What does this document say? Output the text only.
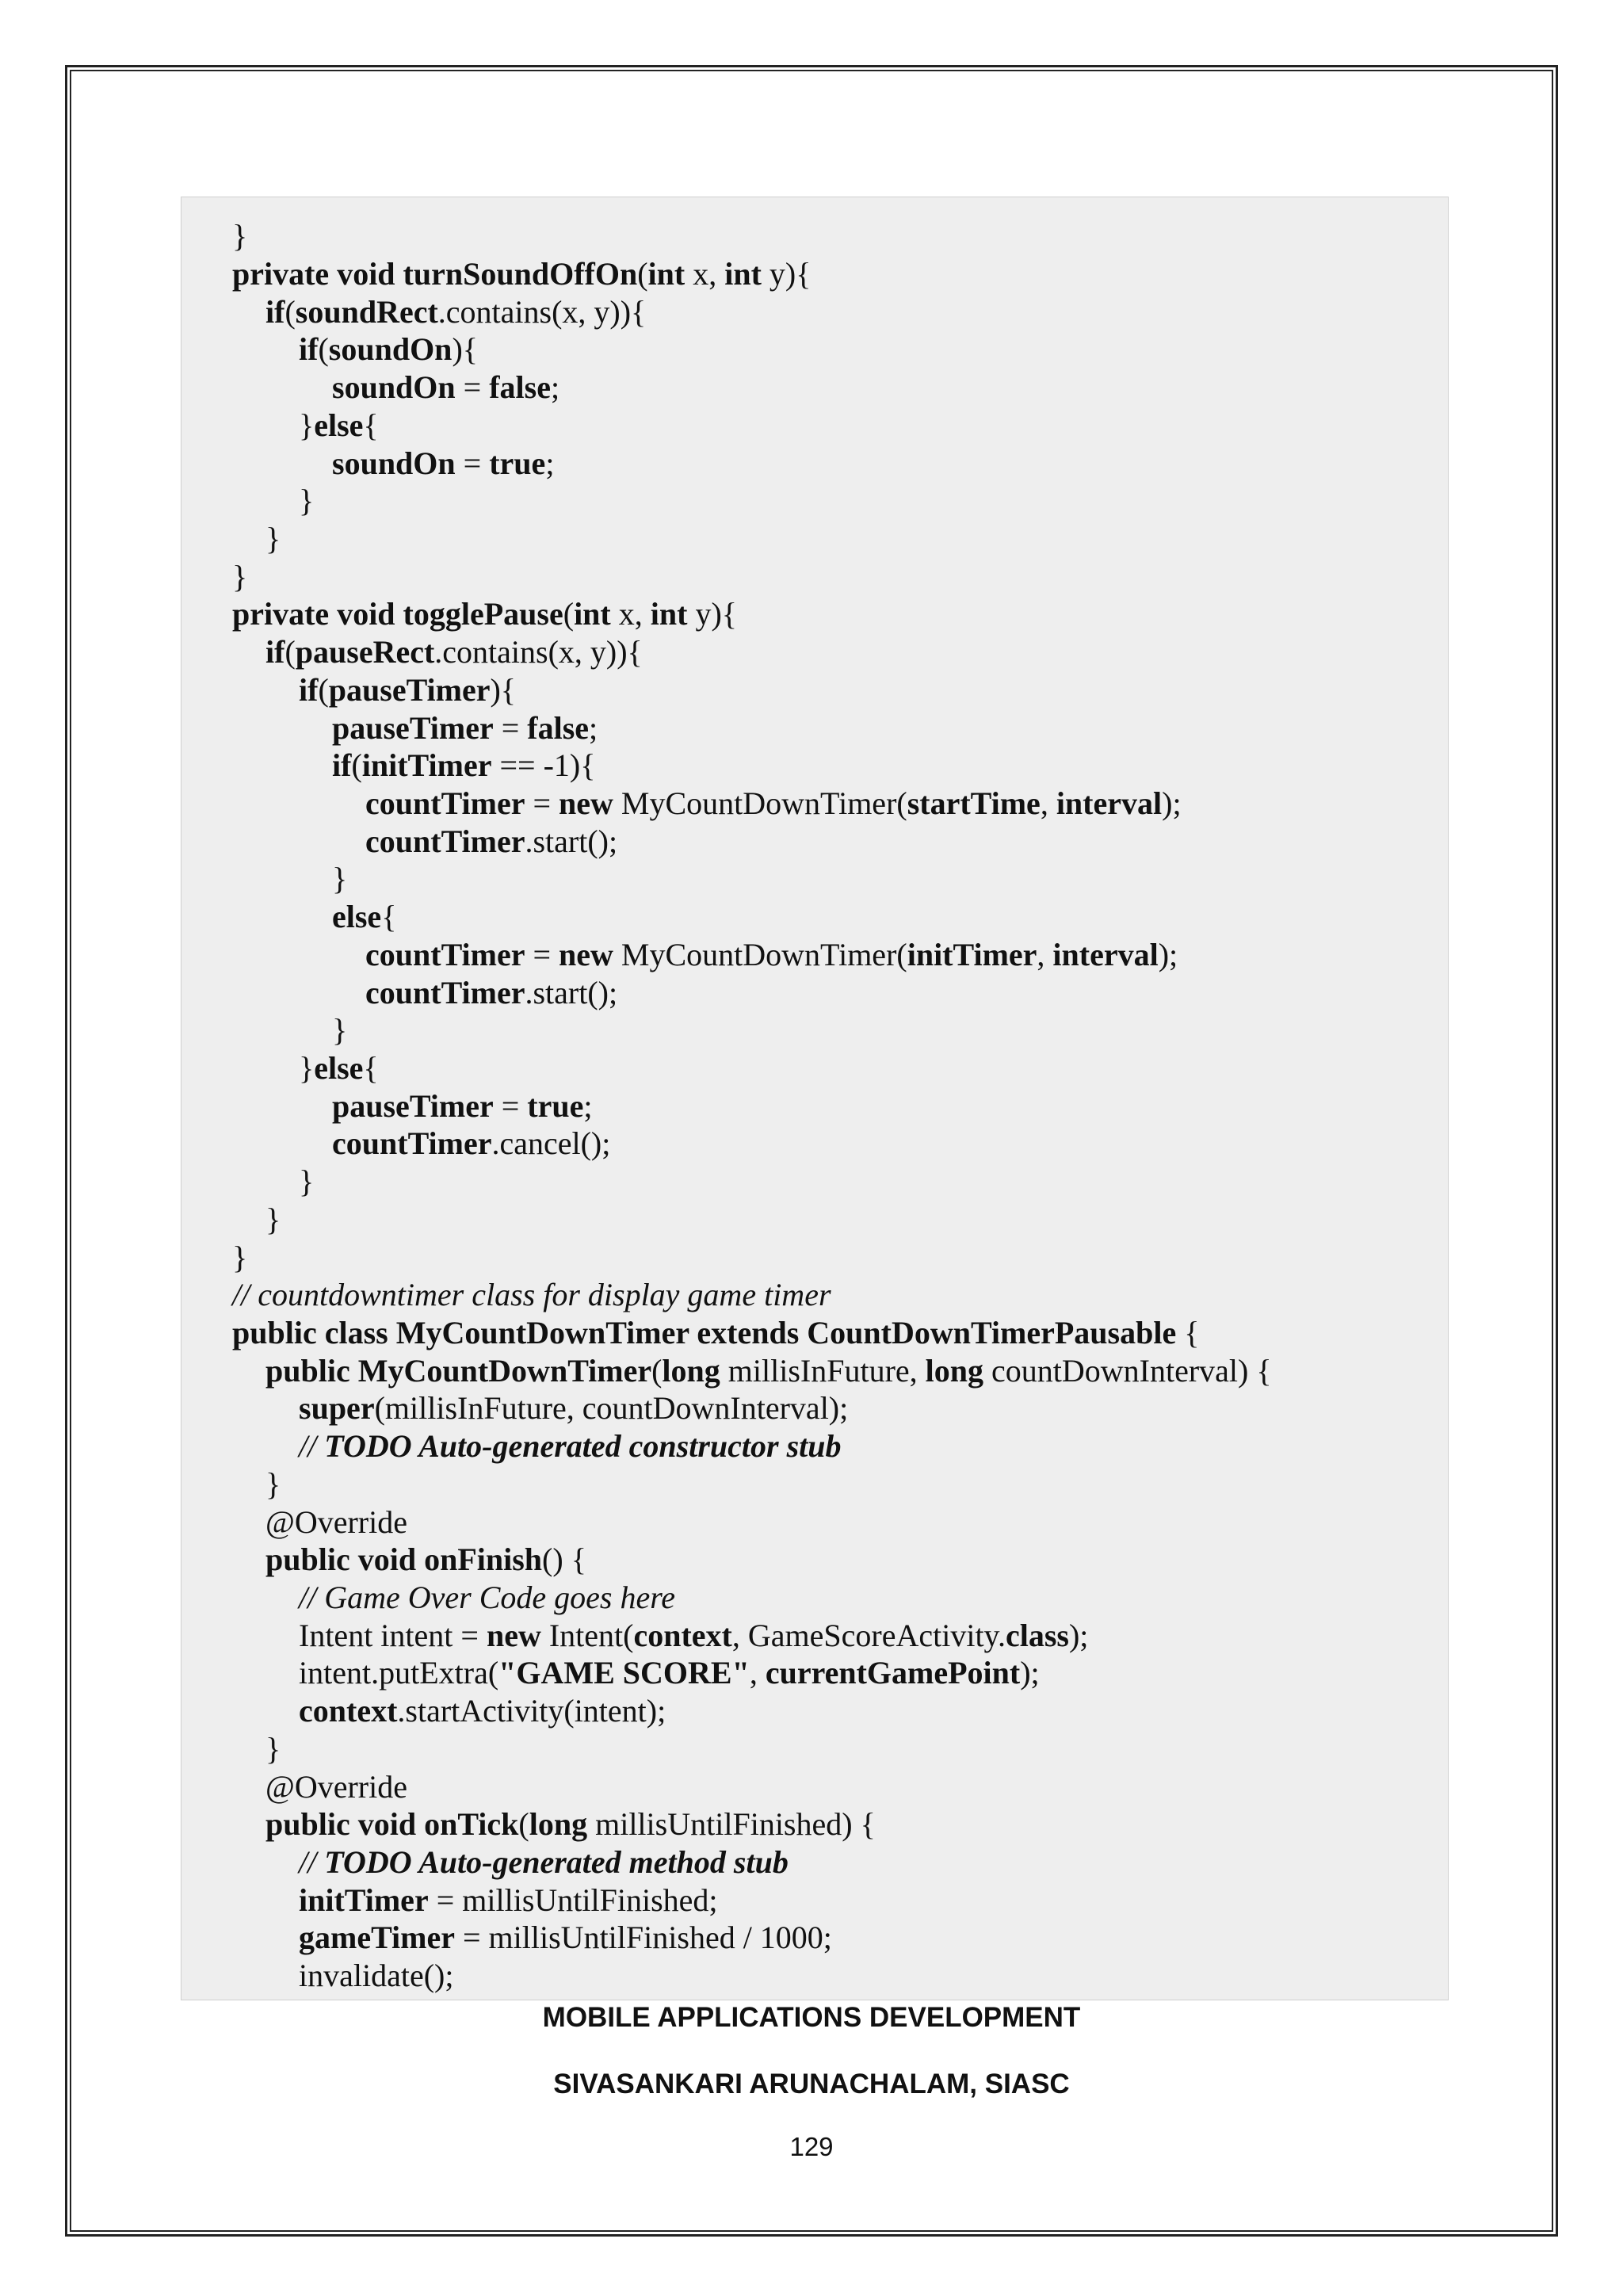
}
private void turnSoundOffOn(int x, int y){
if(soundRect.contains(x, y)){
if(soundOn){
soundOn = false;
}else{
soundOn = true;
}
}
}
private void togglePause(int x, int y){
if(pauseRect.contains(x, y)){
if(pauseTimer){
pauseTimer = false;
if(initTimer == -1){
countTimer = new MyCountDownTimer(startTime, interval);
countTimer.start();
}
else{
countTimer = new MyCountDownTimer(initTimer, interval);
countTimer.start();
}
}else{
pauseTimer = true;
countTimer.cancel();
}
}
}
// countdowntimer class for display game timer
public class MyCountDownTimer extends CountDownTimerPausable {
public MyCountDownTimer(long millisInFuture, long countDownInterval) {
super(millisInFuture, countDownInterval);
// TODO Auto-generated constructor stub
}
@Override
public void onFinish() {
// Game Over Code goes here
Intent intent = new Intent(context, GameScoreActivity.class);
intent.putExtra("GAME SCORE", currentGamePoint);
context.startActivity(intent);
}
@Override
public void onTick(long millisUntilFinished) {
// TODO Auto-generated method stub
initTimer = millisUntilFinished;
gameTimer = millisUntilFinished / 1000;
invalidate();
MOBILE APPLICATIONS DEVELOPMENT
SIVASANKARI ARUNACHALAM, SIASC
129
